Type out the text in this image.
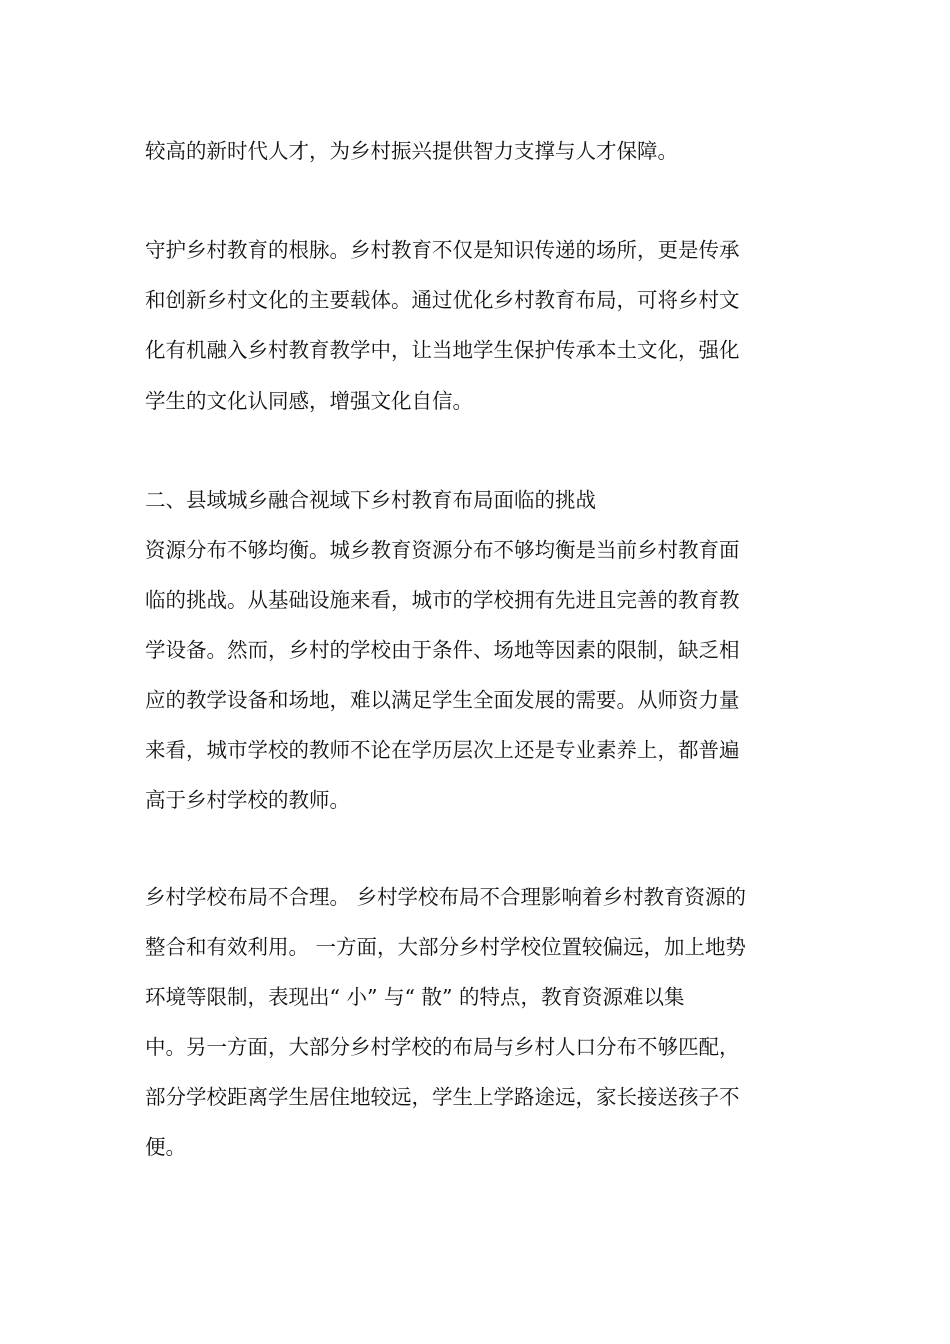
较高的新时代人才，为乡村振兴提供智力支撑与人才保障。

守护乡村教育的根脉。乡村教育不仅是知识传递的场所，更是传承

和创新乡村文化的主要载体。通过优化乡村教育布局，可将乡村文

化有机融入乡村教育教学中，让当地学生保护传承本土文化，强化

学生的文化认同感，增强文化自信。

二、县域城乡融合视域下乡村教育布局面临的挑战

资源分布不够均衡。城乡教育资源分布不够均衡是当前乡村教育面

临的挑战。从基础设施来看，城市的学校拥有先进且完善的教育教

学设备。然而，乡村的学校由于条件、场地等因素的限制，缺乏相

应的教学设备和场地，难以满足学生全面发展的需要。从师资力量

来看，城市学校的教师不论在学历层次上还是专业素养上，都普遍

高于乡村学校的教师。

乡村学校布局不合理。 乡村学校布局不合理影响着乡村教育资源的

整合和有效利用。 一方面，大部分乡村学校位置较偏远，加上地势

环境等限制，表现出“ 小” 与“ 散” 的特点，教育资源难以集

中。另一方面，大部分乡村学校的布局与乡村人口分布不够匹配，

部分学校距离学生居住地较远，学生上学路途远，家长接送孩子不

便。
